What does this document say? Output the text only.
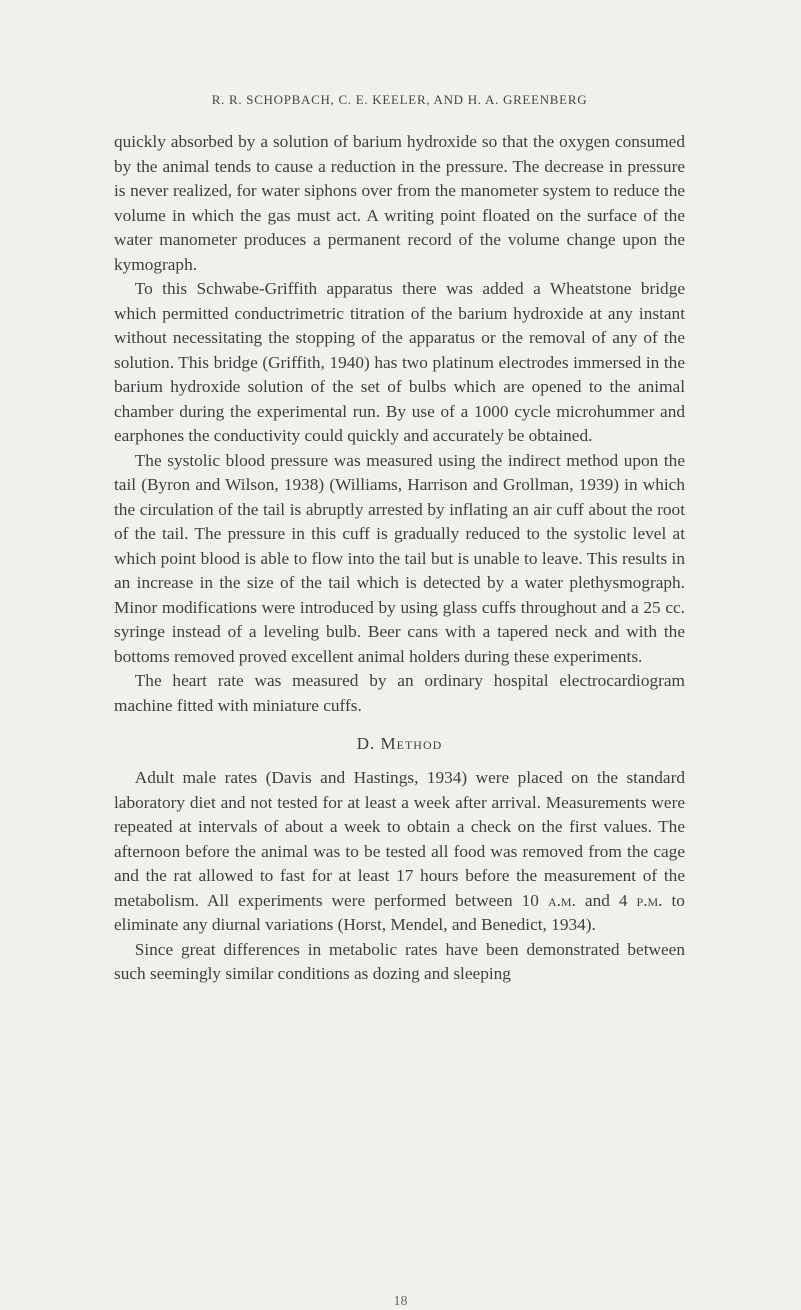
R. R. SCHOPBACH, C. E. KEELER, AND H. A. GREENBERG

quickly absorbed by a solution of barium hydroxide so that the oxygen consumed by the animal tends to cause a reduction in the pressure. The decrease in pressure is never realized, for water siphons over from the manometer system to reduce the volume in which the gas must act. A writing point floated on the surface of the water manometer produces a permanent record of the volume change upon the kymograph.

To this Schwabe-Griffith apparatus there was added a Wheatstone bridge which permitted conductrimetric titration of the barium hydroxide at any instant without necessitating the stopping of the apparatus or the removal of any of the solution. This bridge (Griffith, 1940) has two platinum electrodes immersed in the barium hydroxide solution of the set of bulbs which are opened to the animal chamber during the experimental run. By use of a 1000 cycle microhummer and earphones the conductivity could quickly and accurately be obtained.

The systolic blood pressure was measured using the indirect method upon the tail (Byron and Wilson, 1938) (Williams, Harrison and Grollman, 1939) in which the circulation of the tail is abruptly arrested by inflating an air cuff about the root of the tail. The pressure in this cuff is gradually reduced to the systolic level at which point blood is able to flow into the tail but is unable to leave. This results in an increase in the size of the tail which is detected by a water plethysmograph. Minor modifications were introduced by using glass cuffs throughout and a 25 cc. syringe instead of a leveling bulb. Beer cans with a tapered neck and with the bottoms removed proved excellent animal holders during these experiments.

The heart rate was measured by an ordinary hospital electrocardiogram machine fitted with miniature cuffs.

D. Method

Adult male rates (Davis and Hastings, 1934) were placed on the standard laboratory diet and not tested for at least a week after arrival. Measurements were repeated at intervals of about a week to obtain a check on the first values. The afternoon before the animal was to be tested all food was removed from the cage and the rat allowed to fast for at least 17 hours before the measurement of the metabolism. All experiments were performed between 10 a.m. and 4 p.m. to eliminate any diurnal variations (Horst, Mendel, and Benedict, 1934).

Since great differences in metabolic rates have been demonstrated between such seemingly similar conditions as dozing and sleeping

18
